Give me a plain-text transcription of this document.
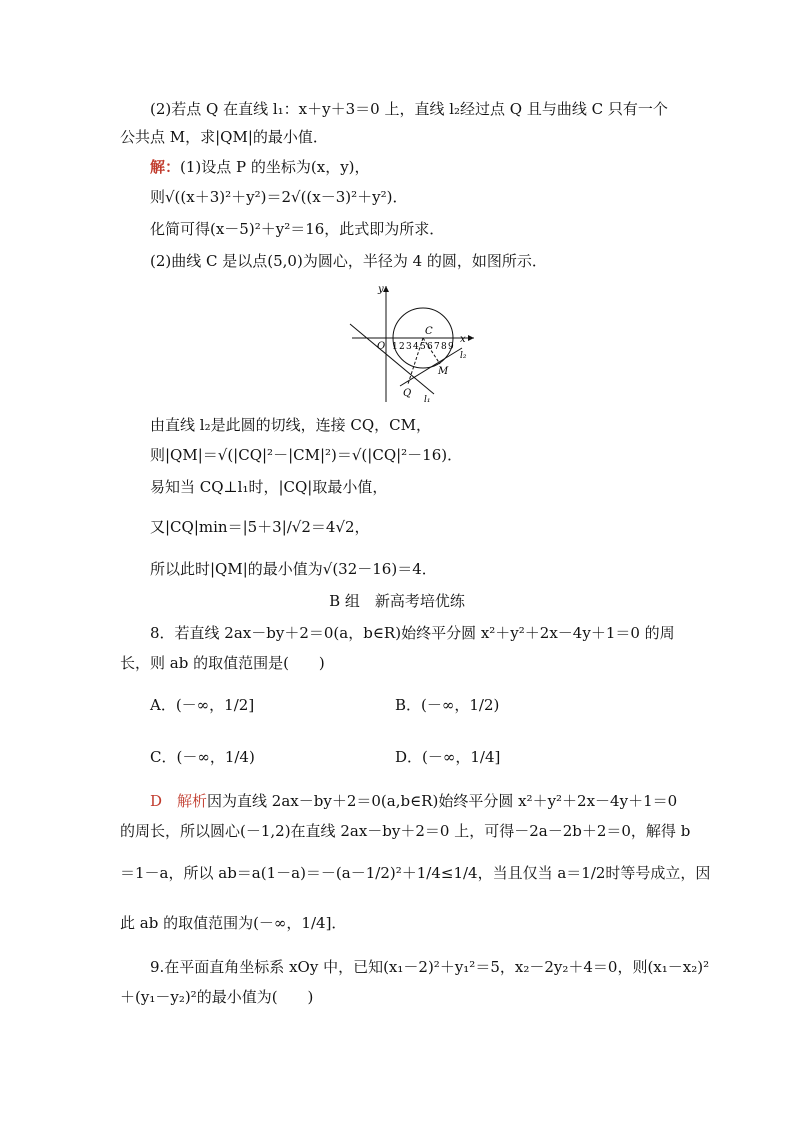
(2)若点 Q 在直线 l₁：x＋y＋3＝0 上，直线 l₂经过点 Q 且与曲线 C 只有一个
公共点 M，求|QM|的最小值．
解：(1)设点 P 的坐标为(x，y)，
则√((x＋3)²＋y²)＝2√((x－3)²＋y²)．
化简可得(x－5)²＋y²＝16，此式即为所求．
(2)曲线 C 是以点(5,0)为圆心，半径为 4 的圆，如图所示．
x
y
O
C
M
Q
l₁
l₂
1 2 3 4 5 6 7 8 9
由直线 l₂是此圆的切线，连接 CQ，CM，
则|QM|＝√(|CQ|²－|CM|²)＝√(|CQ|²－16)．
易知当 CQ⊥l₁时，|CQ|取最小值，
又|CQ|min＝|5＋3|/√2＝4√2，
所以此时|QM|的最小值为√(32－16)＝4．
B 组　新高考培优练
8．若直线 2ax－by＋2＝0(a，b∈R)始终平分圆 x²＋y²＋2x－4y＋1＝0 的周
长，则 ab 的取值范围是(　　)
A．(－∞，1/2]	B．(－∞，1/2)
C．(－∞，1/4)	D．(－∞，1/4]
D　解析因为直线 2ax－by＋2＝0(a,b∈R)始终平分圆 x²＋y²＋2x－4y＋1＝0
的周长，所以圆心(－1,2)在直线 2ax－by＋2＝0 上，可得－2a－2b＋2＝0，解得 b
＝1－a，所以 ab＝a(1－a)＝－(a－1/2)²＋1/4≤1/4，当且仅当 a＝1/2时等号成立，因
此 ab 的取值范围为(－∞，1/4]．
9.在平面直角坐标系 xOy 中，已知(x₁－2)²＋y₁²＝5，x₂－2y₂＋4＝0，则(x₁－x₂)²
＋(y₁－y₂)²的最小值为(　　)
